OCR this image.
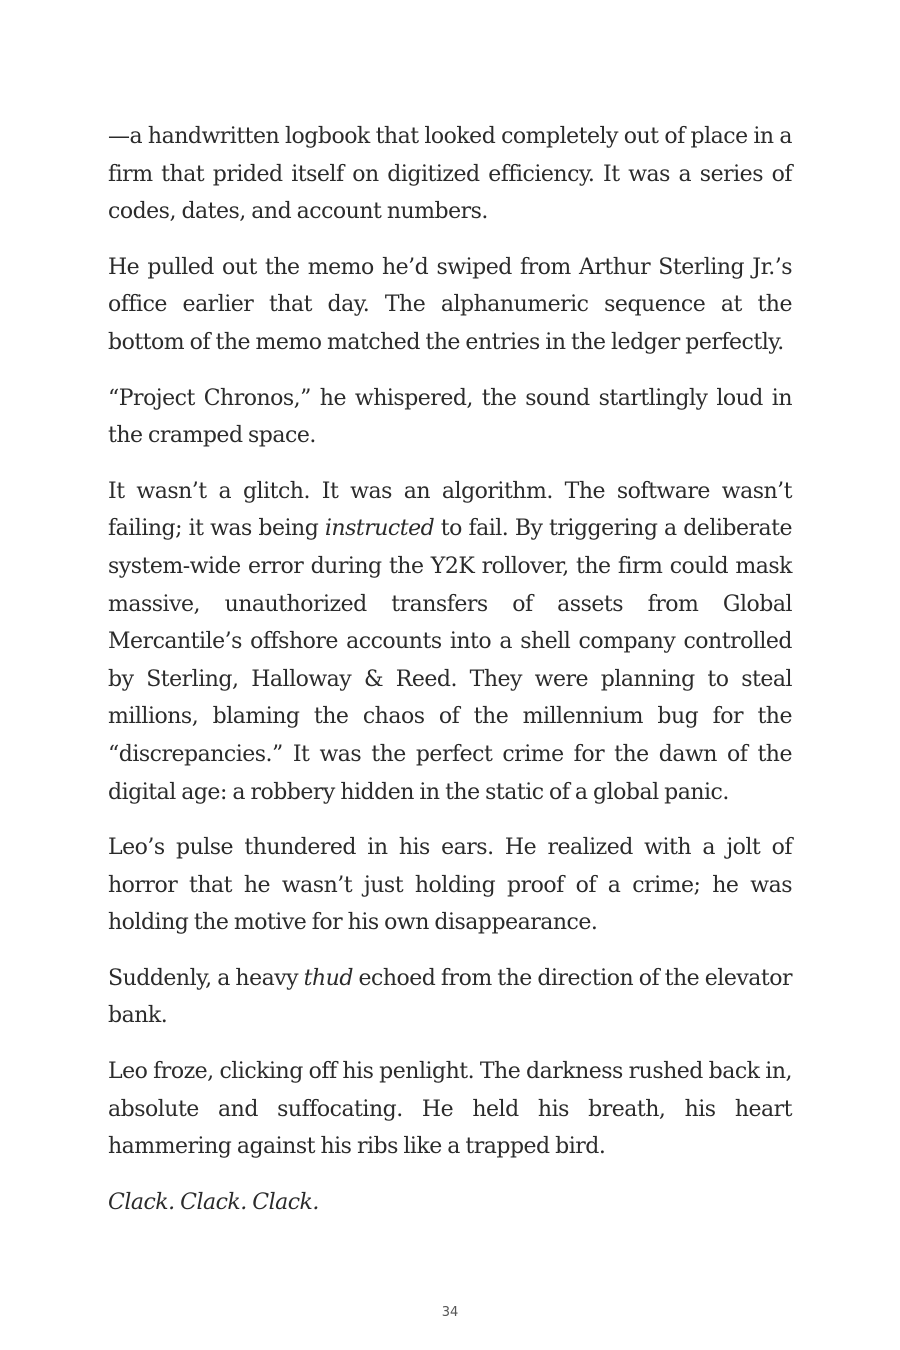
—a handwritten logbook that looked completely out of place in a firm that prided itself on digitized efficiency. It was a series of codes, dates, and account numbers.

He pulled out the memo he’d swiped from Arthur Sterling Jr.’s office earlier that day. The alphanumeric sequence at the bottom of the memo matched the entries in the ledger perfectly.

“Project Chronos,” he whispered, the sound startlingly loud in the cramped space.

It wasn’t a glitch. It was an algorithm. The software wasn’t failing; it was being instructed to fail. By triggering a deliberate system-wide error during the Y2K rollover, the firm could mask massive, unauthorized transfers of assets from Global Mercantile’s offshore accounts into a shell company controlled by Sterling, Halloway & Reed. They were planning to steal millions, blaming the chaos of the millennium bug for the “discrepancies.” It was the perfect crime for the dawn of the digital age: a robbery hidden in the static of a global panic.

Leo’s pulse thundered in his ears. He realized with a jolt of horror that he wasn’t just holding proof of a crime; he was holding the motive for his own disappearance.

Suddenly, a heavy thud echoed from the direction of the elevator bank.

Leo froze, clicking off his penlight. The darkness rushed back in, absolute and suffocating. He held his breath, his heart hammering against his ribs like a trapped bird.

Clack. Clack. Clack.

34
